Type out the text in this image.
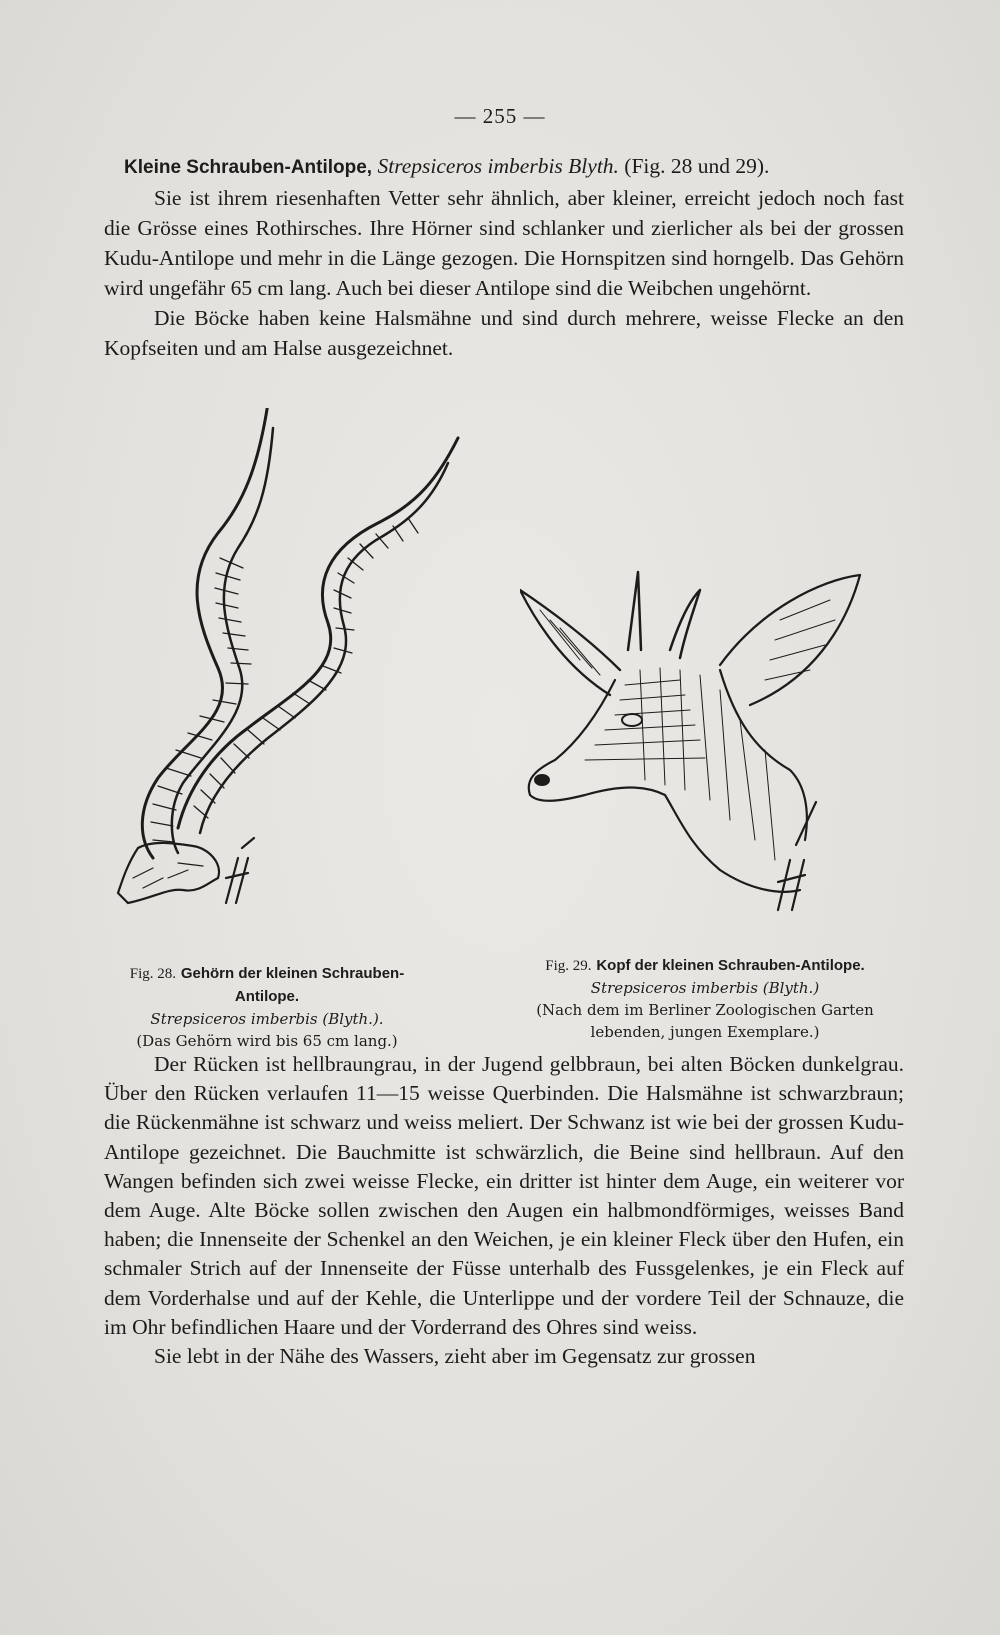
— 255 —

Kleine Schrauben-Antilope, Strepsiceros imberbis Blyth. (Fig. 28 und 29).

Sie ist ihrem riesenhaften Vetter sehr ähnlich, aber kleiner, erreicht jedoch noch fast die Grösse eines Rothirsches. Ihre Hörner sind schlanker und zierlicher als bei der grossen Kudu-Antilope und mehr in die Länge gezogen. Die Hornspitzen sind horngelb. Das Gehörn wird ungefähr 65 cm lang. Auch bei dieser Antilope sind die Weibchen ungehörnt.

Die Böcke haben keine Halsmähne und sind durch mehrere, weisse Flecke an den Kopfseiten und am Halse ausgezeichnet.

Fig. 28. Gehörn der kleinen Schrauben-Antilope.
Strepsiceros imberbis (Blyth.).
(Das Gehörn wird bis 65 cm lang.)
Fig. 29. Kopf der kleinen Schrauben-Antilope.
Strepsiceros imberbis (Blyth.)
(Nach dem im Berliner Zoologischen Garten lebenden, jungen Exemplare.)

Der Rücken ist hellbraungrau, in der Jugend gelbbraun, bei alten Böcken dunkelgrau. Über den Rücken verlaufen 11—15 weisse Querbinden. Die Halsmähne ist schwarzbraun; die Rückenmähne ist schwarz und weiss meliert. Der Schwanz ist wie bei der grossen Kudu-Antilope gezeichnet. Die Bauchmitte ist schwärzlich, die Beine sind hellbraun. Auf den Wangen befinden sich zwei weisse Flecke, ein dritter ist hinter dem Auge, ein weiterer vor dem Auge. Alte Böcke sollen zwischen den Augen ein halbmondförmiges, weisses Band haben; die Innenseite der Schenkel an den Weichen, je ein kleiner Fleck über den Hufen, ein schmaler Strich auf der Innenseite der Füsse unterhalb des Fussgelenkes, je ein Fleck auf dem Vorderhalse und auf der Kehle, die Unterlippe und der vordere Teil der Schnauze, die im Ohr befindlichen Haare und der Vorderrand des Ohres sind weiss.

Sie lebt in der Nähe des Wassers, zieht aber im Gegensatz zur grossen
